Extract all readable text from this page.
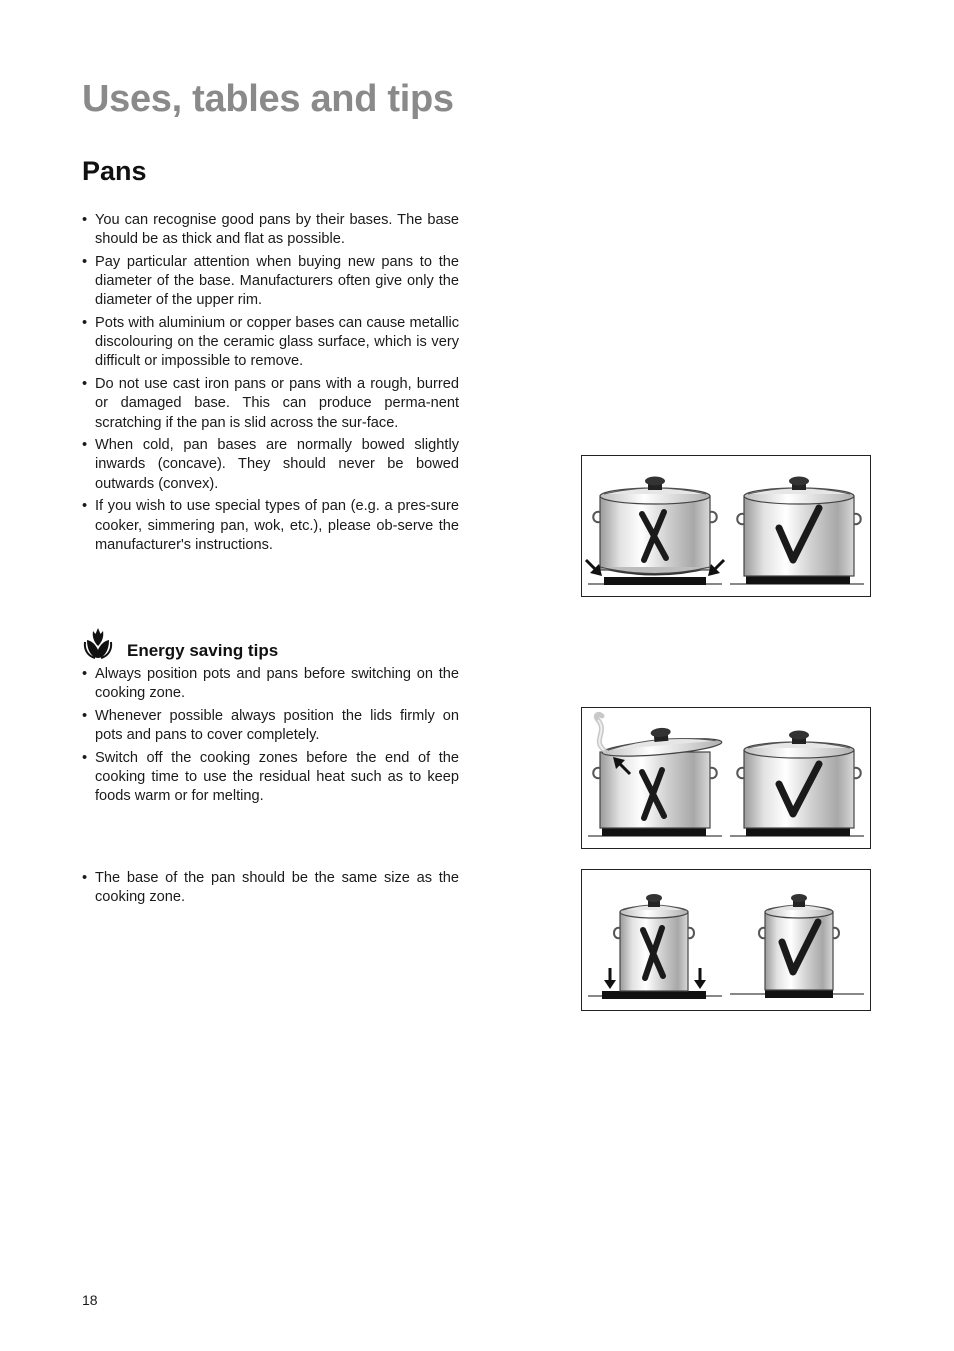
Uses, tables and tips
Pans
• You can recognise good pans by their bases. The base should be as thick and flat as possible.
• Pay particular attention when buying new pans to the diameter of the base. Manufacturers often give only the diameter of the upper rim.
• Pots with aluminium or copper bases can cause metallic discolouring on the ceramic glass surface, which is very difficult or impossible to remove.
• Do not use cast iron pans or pans with a rough, burred or damaged base. This can produce perma-nent scratching if the pan is slid across the sur-face.
• When cold, pan bases are normally bowed slightly inwards (concave). They should never be bowed outwards (convex).
• If you wish to use special types of pan (e.g. a pres-sure cooker, simmering pan, wok, etc.), please ob-serve the manufacturer's instructions.
Energy saving tips
• Always position pots and pans before switching on the cooking zone.
• Whenever possible always position the lids firmly on pots and pans to cover completely.
• Switch off the cooking zones before the end of the cooking time to use the residual heat such as to keep foods warm or for melting.
• The base of the pan should be the same size as the cooking zone.
18
